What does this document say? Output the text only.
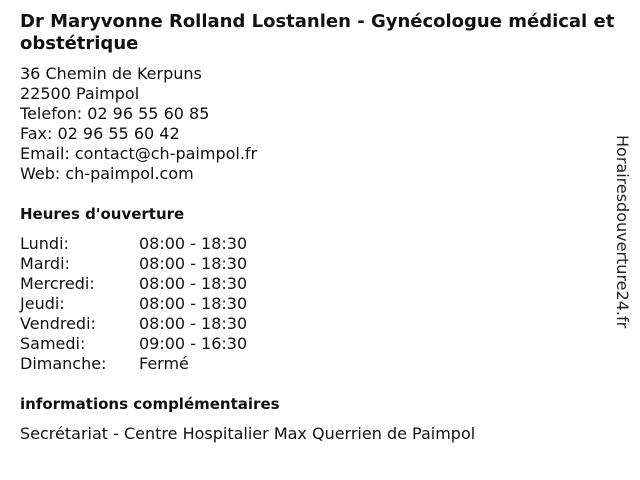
Dr Maryvonne Rolland Lostanlen - Gynécologue médical et obstétrique
36 Chemin de Kerpuns
22500 Paimpol
Telefon: 02 96 55 60 85
Fax: 02 96 55 60 42
Email: contact@ch-paimpol.fr
Web: ch-paimpol.com
Heures d'ouverture
Lundi:	08:00 - 18:30
Mardi:	08:00 - 18:30
Mercredi:	08:00 - 18:30
Jeudi:	08:00 - 18:30
Vendredi:	08:00 - 18:30
Samedi:	09:00 - 16:30
Dimanche:	Fermé
informations complémentaires
Secrétariat - Centre Hospitalier Max Querrien de Paimpol
Horairesdouverture24.fr
